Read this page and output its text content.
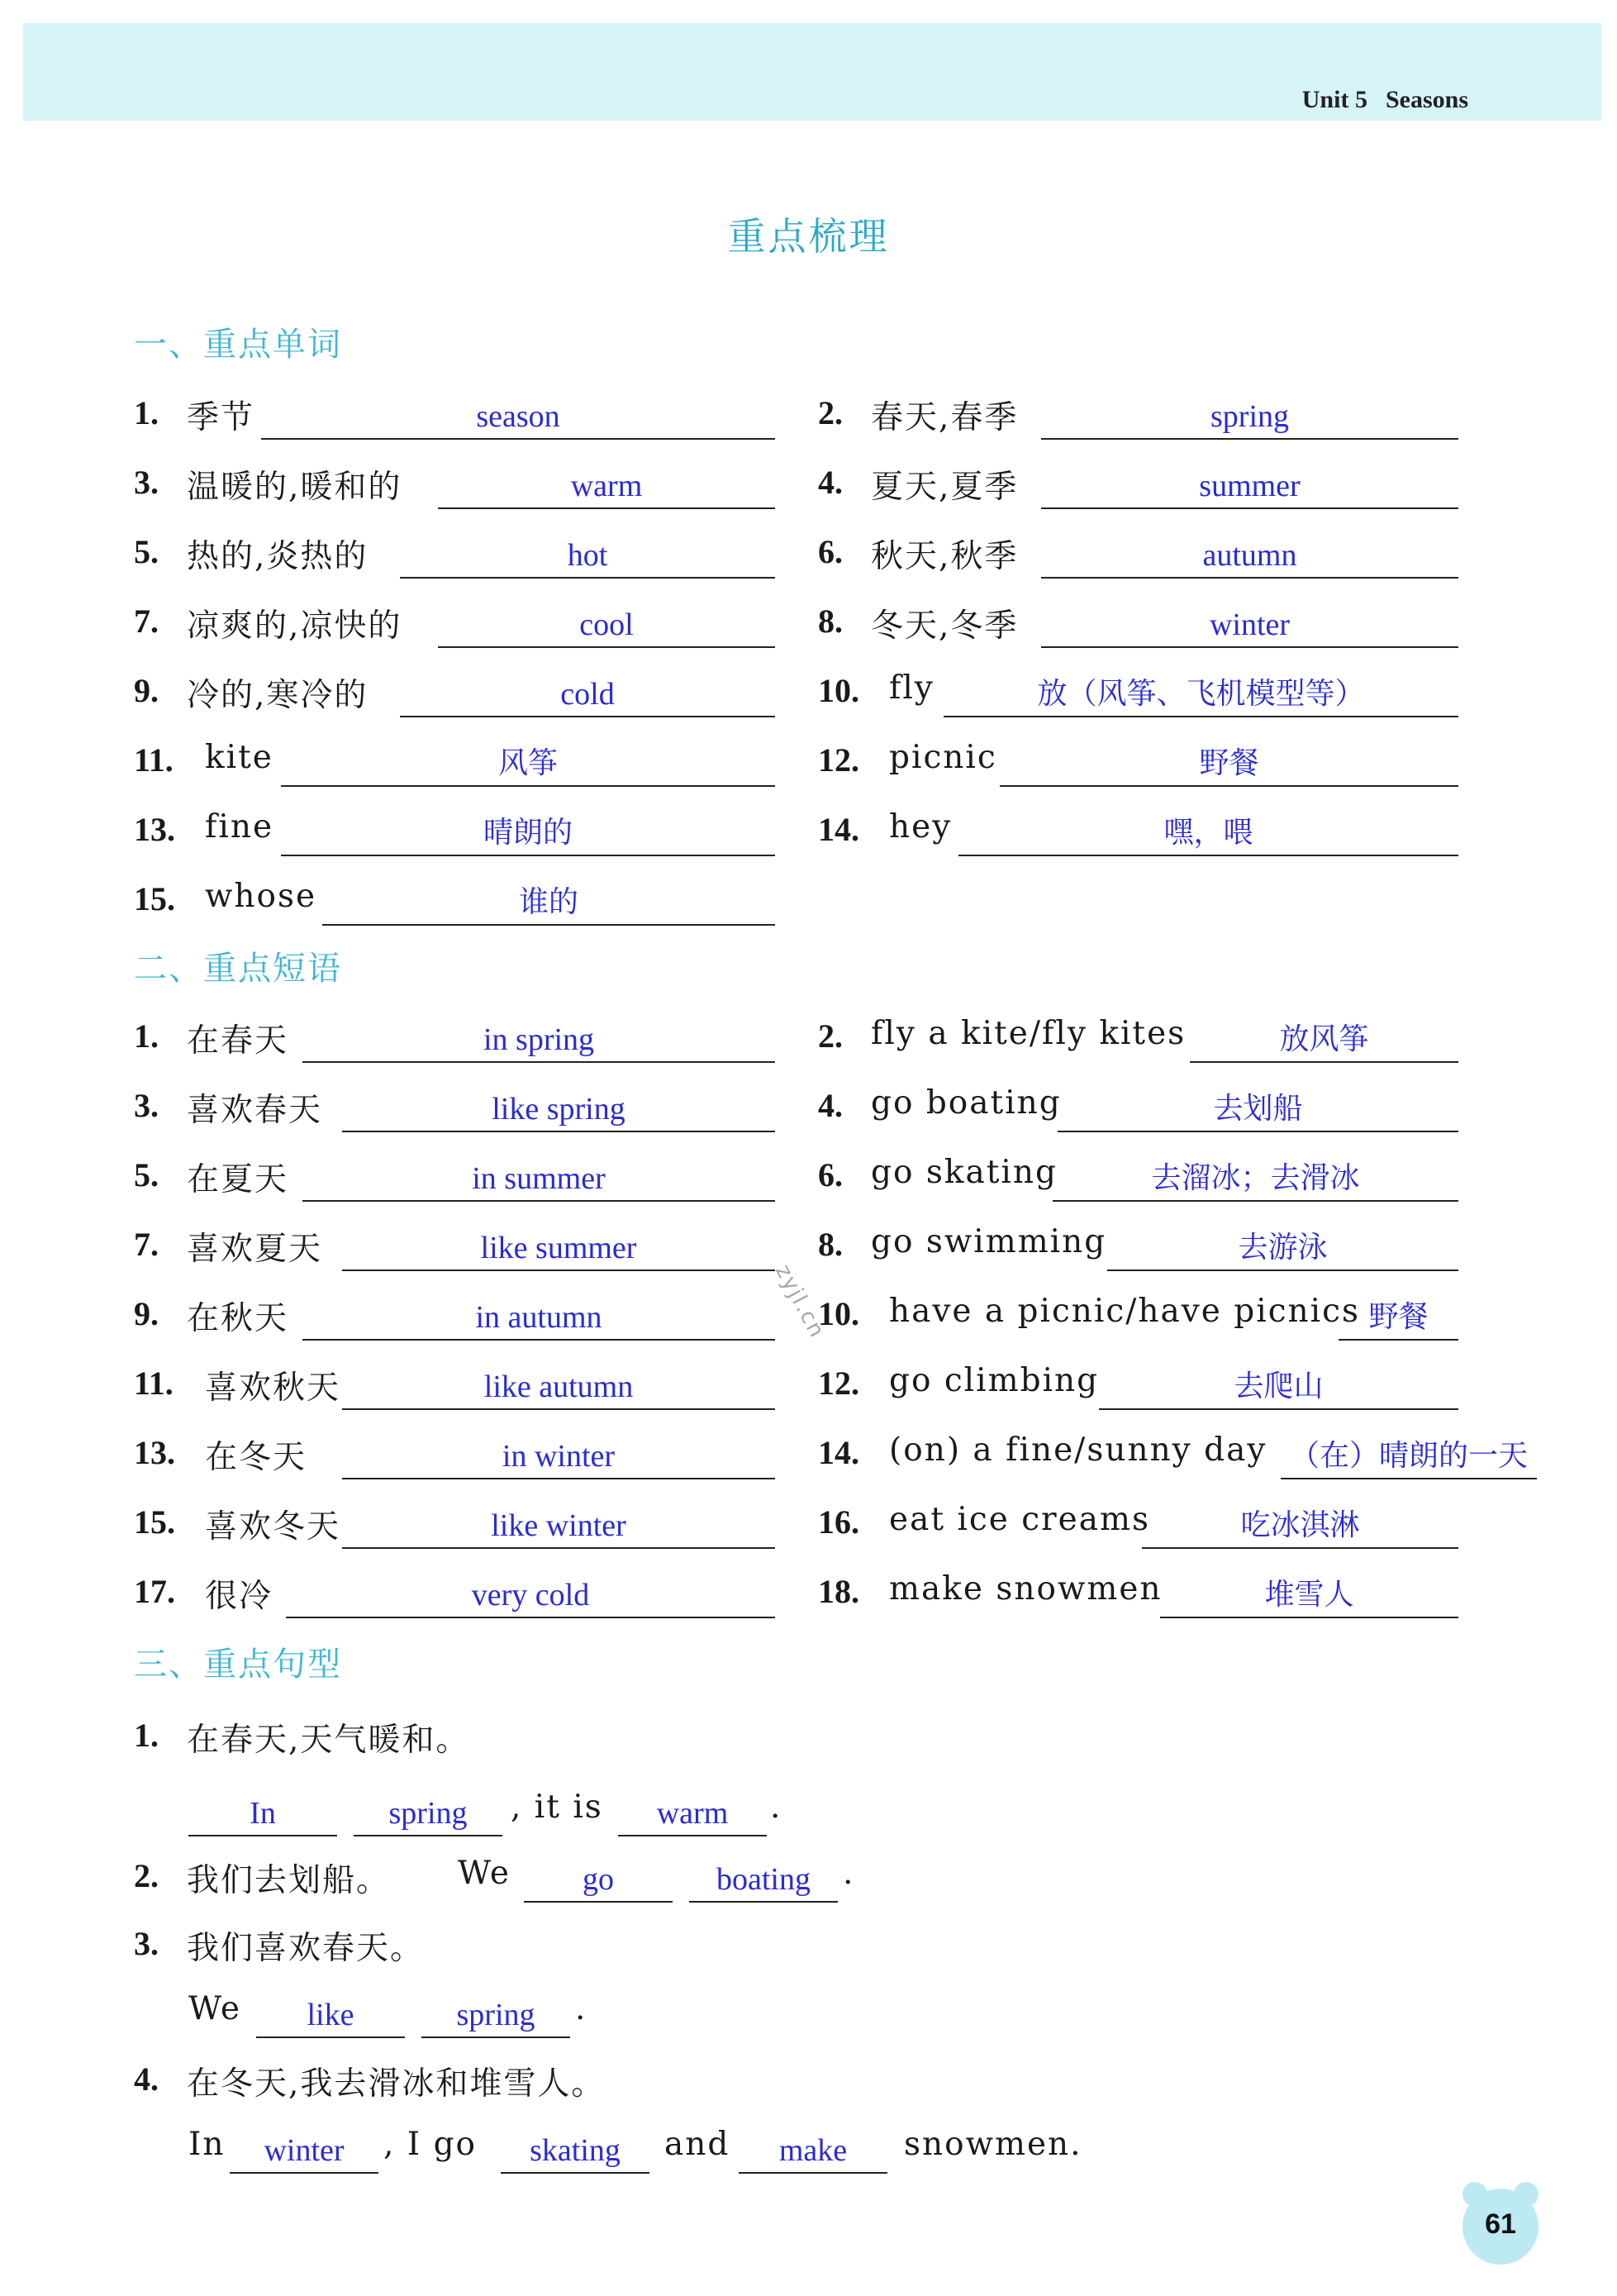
Unit 5 Seasons
重点梳理
一、重点单词
二、重点短语
三、重点句型
1. 季节	season	2. 春天,春季	spring
3. 温暖的,暖和的	warm	4. 夏天,夏季	summer
5. 热的,炎热的	hot	6. 秋天,秋季	autumn
7. 凉爽的,凉快的	cool	8. 冬天,冬季	winter
9. 冷的,寒冷的	cold	10. fly	放（风筝、飞机模型等）
11. kite	风筝	12. picnic	野餐
13. fine	晴朗的	14. hey	嘿，喂
15. whose	谁的
1. 在春天	in spring	2. fly a kite/fly kites	放风筝
3. 喜欢春天	like spring	4. go boating	去划船
5. 在夏天	in summer	6. go skating	去溜冰；去滑冰
7. 喜欢夏天	like summer	8. go swimming	去游泳
9. 在秋天	in autumn	10. have a picnic/have picnics 野餐
11. 喜欢秋天	like autumn	12. go climbing	去爬山
13. 在冬天	in winter	14. (on) a fine/sunny day （在）晴朗的一天
15. 喜欢冬天	like winter	16. eat ice creams	吃冰淇淋
17. 很冷	very cold	18. make snowmen	堆雪人
1. 在春天,天气暖和。
In	spring	, it is	warm	.
2. 我们去划船。 We	go	boating	.
3. 我们喜欢春天。
We	like	spring	.
4. 在冬天,我去滑冰和堆雪人。
In	winter	, I go	skating	and	make	snowmen.
zyjl.cn
61
